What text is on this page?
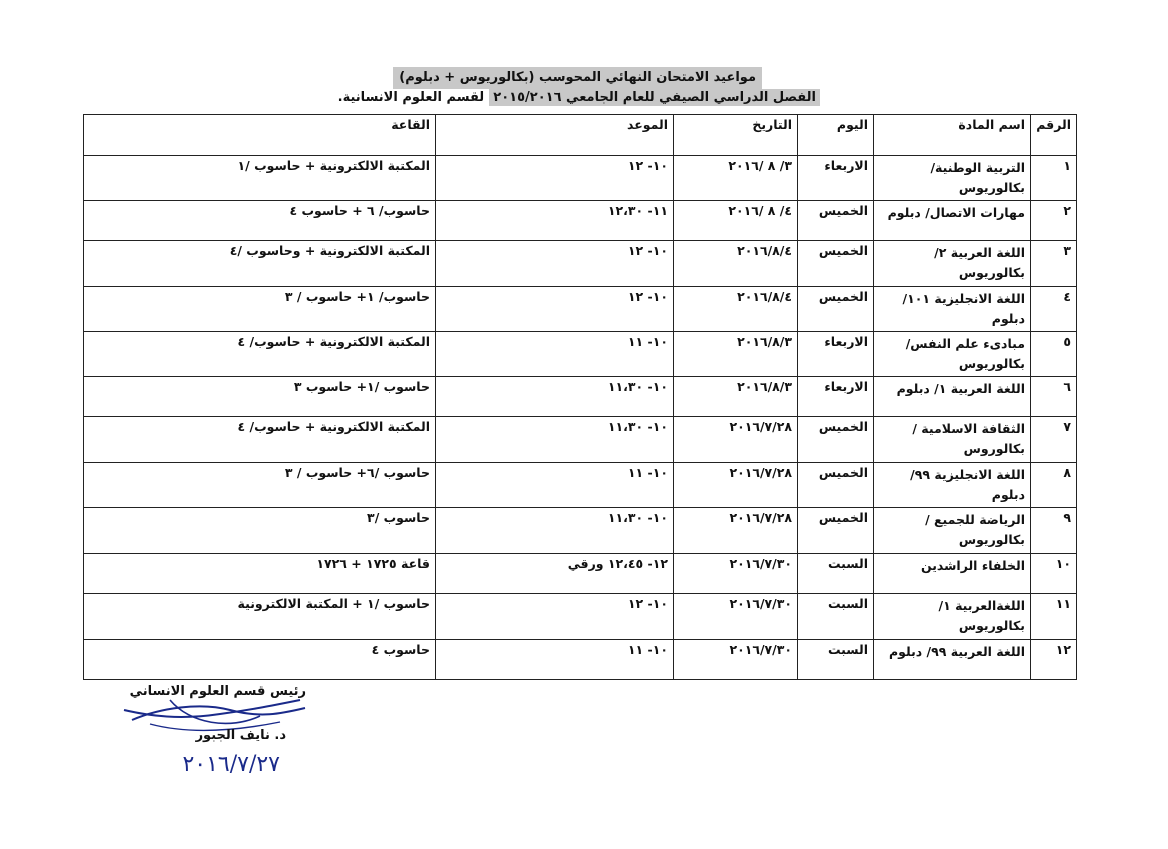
مواعيد الامتحان النهائي المحوسب (بكالوريوس + دبلوم)
الفصل الدراسي الصيفي للعام الجامعي ٢٠١٥/٢٠١٦ لقسم العلوم الانسانية.
الرقم	اسم المادة	اليوم	التاريخ	الموعد	القاعة
١	التربية الوطنية/ بكالوريوس	الاربعاء	٣/ ٨ /٢٠١٦	١٠- ١٢	المكتبة الالكترونية + حاسوب /١
٢	مهارات الاتصال/ دبلوم	الخميس	٤/ ٨ /٢٠١٦	١١- ١٢،٣٠	حاسوب/ ٦ + حاسوب ٤
٣	اللغة العربية ٢/ بكالوريوس	الخميس	٢٠١٦/٨/٤	١٠- ١٢	المكتبة الالكترونية + وحاسوب /٤
٤	اللغة الانجليزية ١٠١/ دبلوم	الخميس	٢٠١٦/٨/٤	١٠- ١٢	حاسوب/ ١+ حاسوب / ٣
٥	مبادىء علم النفس/ بكالوريوس	الاربعاء	٢٠١٦/٨/٣	١٠- ١١	المكتبة الالكترونية + حاسوب/ ٤
٦	اللغة العربية ١/ دبلوم	الاربعاء	٢٠١٦/٨/٣	١٠- ١١،٣٠	حاسوب /١+ حاسوب ٣
٧	الثقافة الاسلامية / بكالوروس	الخميس	٢٠١٦/٧/٢٨	١٠- ١١،٣٠	المكتبة الالكترونية + حاسوب/ ٤
٨	اللغة الانجليزية ٩٩/ دبلوم	الخميس	٢٠١٦/٧/٢٨	١٠- ١١	حاسوب /٦+ حاسوب / ٣
٩	الرياضة للجميع / بكالوريوس	الخميس	٢٠١٦/٧/٢٨	١٠- ١١،٣٠	حاسوب /٣
١٠	الخلفاء الراشدين	السبت	٢٠١٦/٧/٣٠	١٢- ١٢،٤٥ ورقي	قاعة ١٧٢٥ + ١٧٢٦
١١	اللغةالعربية ١/ بكالوريوس	السبت	٢٠١٦/٧/٣٠	١٠- ١٢	حاسوب /١ + المكتبة الالكترونية
١٢	اللغة العربية ٩٩/ دبلوم	السبت	٢٠١٦/٧/٣٠	١٠- ١١	حاسوب ٤
رئيس قسم العلوم الانساني
د. نايف الجبور
٢٠١٦/٧/٢٧
